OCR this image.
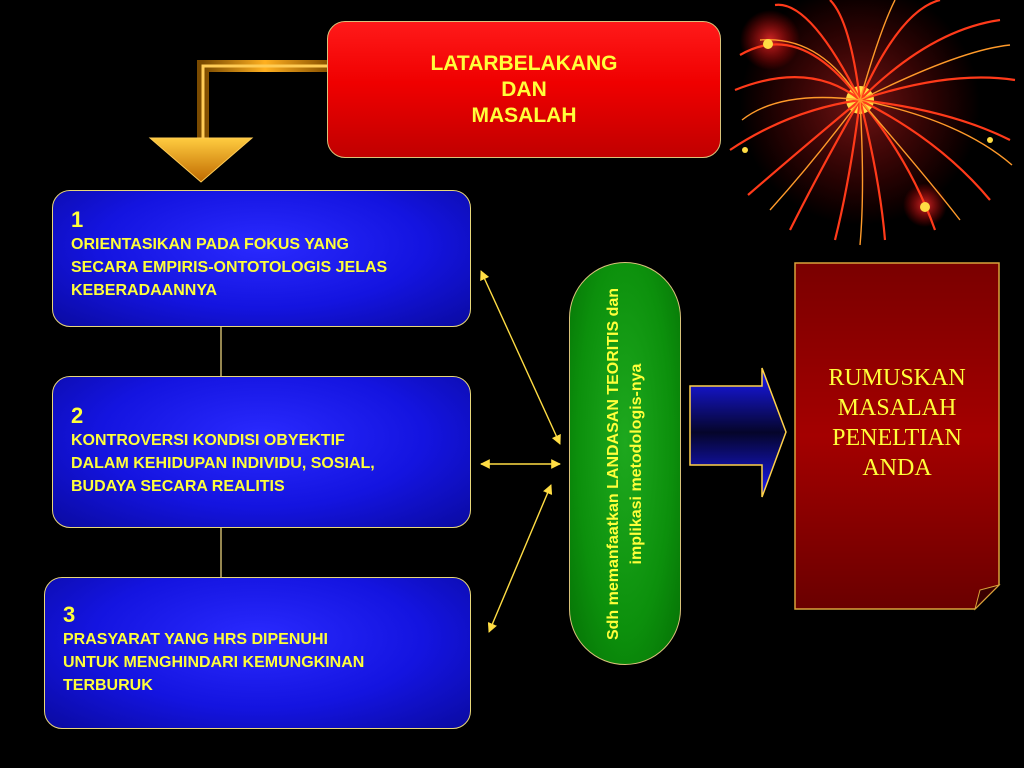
LATARBELAKANG
DAN
MASALAH
1
ORIENTASIKAN PADA FOKUS YANG
SECARA EMPIRIS-ONTOTOLOGIS JELAS
KEBERADAANNYA
2
KONTROVERSI KONDISI OBYEKTIF
DALAM KEHIDUPAN INDIVIDU, SOSIAL,
BUDAYA SECARA REALITIS
3
PRASYARAT YANG HRS DIPENUHI
UNTUK MENGHINDARI KEMUNGKINAN
TERBURUK
Sdh memanfaatkan LANDASAN TEORITIS dan implikasi metodologis-nya	RUMUSKAN
MASALAH
PENELTIAN
ANDA
